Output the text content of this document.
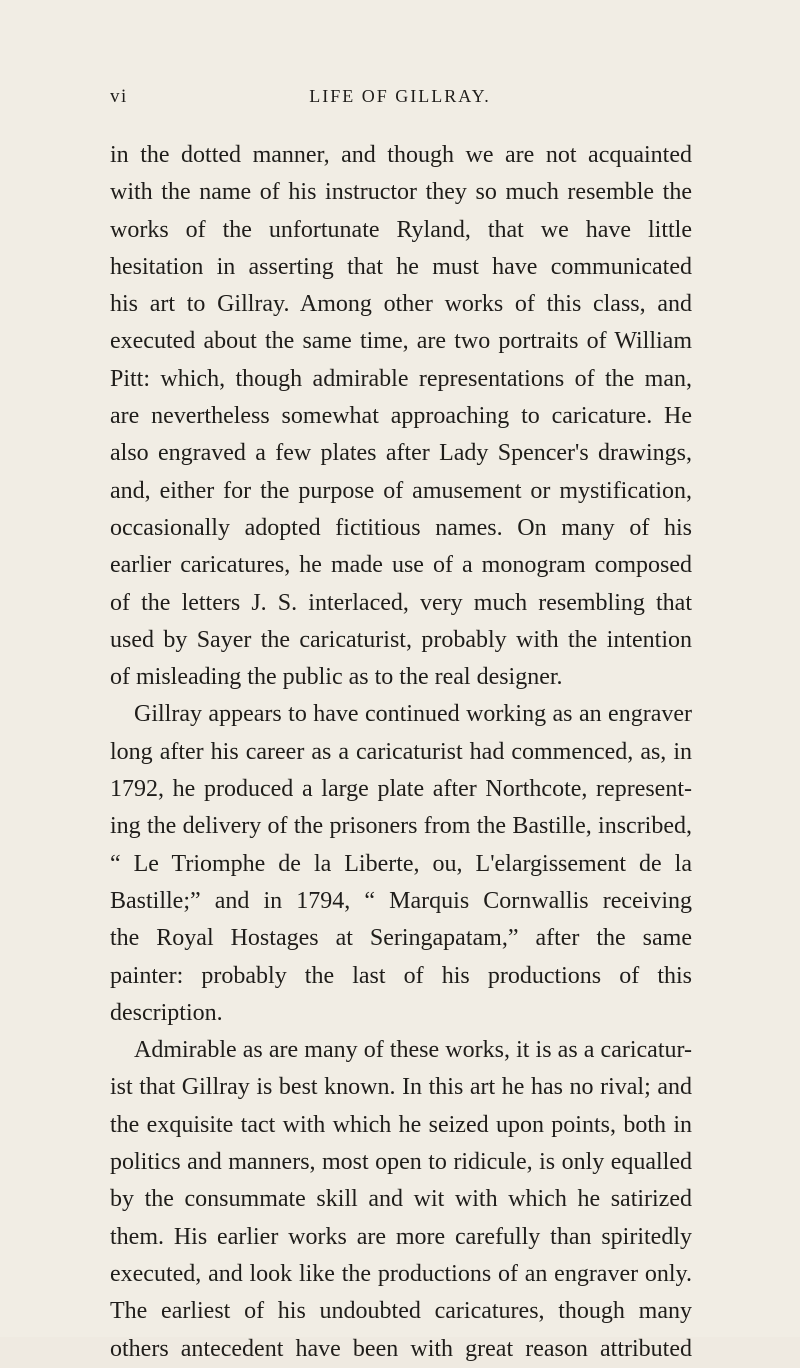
vi	LIFE OF GILLRAY.
in the dotted manner, and though we are not acquainted
with the name of his instructor they so much resemble the
works of the unfortunate Ryland, that we have little
hesitation in asserting that he must have communicated
his art to Gillray. Among other works of this class, and
executed about the same time, are two portraits of William
Pitt: which, though admirable representations of the man,
are nevertheless somewhat approaching to caricature. He
also engraved a few plates after Lady Spencer's drawings,
and, either for the purpose of amusement or mystification,
occasionally adopted fictitious names. On many of his
earlier caricatures, he made use of a monogram composed
of the letters J. S. interlaced, very much resembling that
used by Sayer the caricaturist, probably with the intention
of misleading the public as to the real designer.
Gillray appears to have continued working as an engraver
long after his career as a caricaturist had commenced, as, in
1792, he produced a large plate after Northcote, represent-
ing the delivery of the prisoners from the Bastille, inscribed,
“ Le Triomphe de la Liberte, ou, L'elargissement de la
Bastille;” and in 1794, “ Marquis Cornwallis receiving
the Royal Hostages at Seringapatam,” after the same
painter: probably the last of his productions of this
description.
Admirable as are many of these works, it is as a caricatur-
ist that Gillray is best known. In this art he has no rival; and
the exquisite tact with which he seized upon points, both in
politics and manners, most open to ridicule, is only equalled
by the consummate skill and wit with which he satirized
them. His earlier works are more carefully than spiritedly
executed, and look like the productions of an engraver only.
The earliest of his undoubted caricatures, though many
others antecedent have been with great reason attributed
